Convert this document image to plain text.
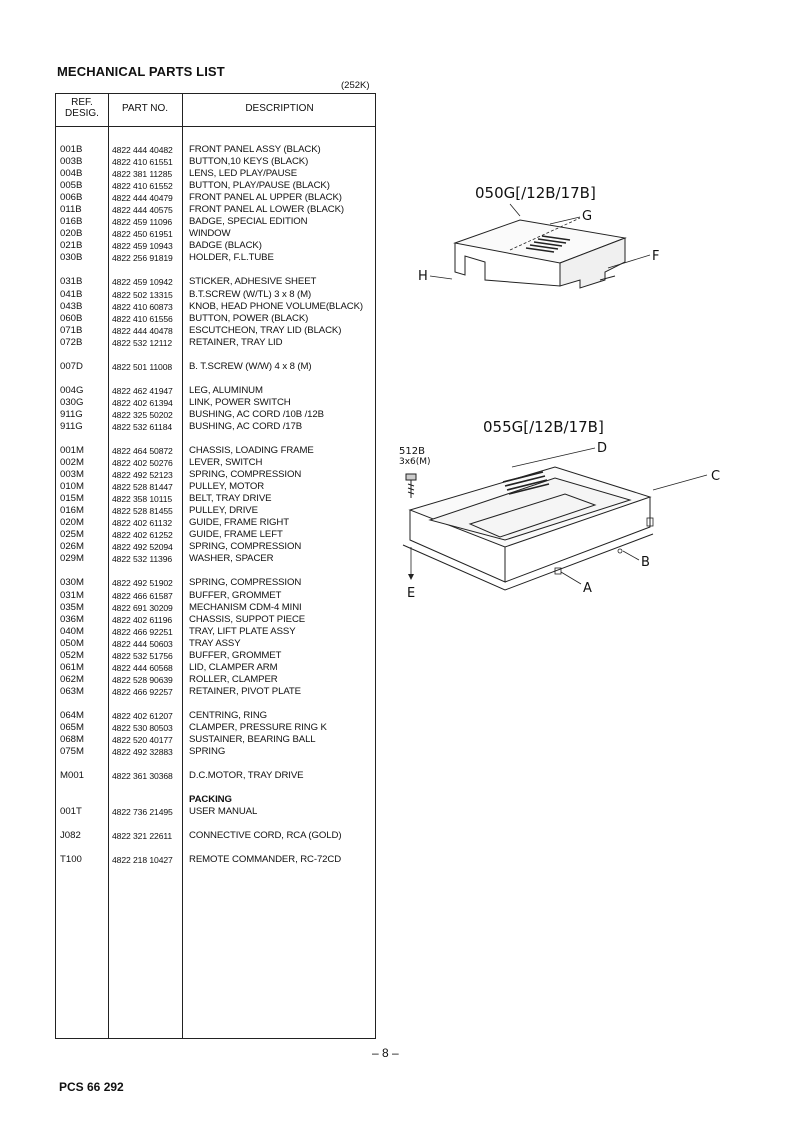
MECHANICAL PARTS LIST
(252K)
REF. DESIG.	PART NO.	DESCRIPTION
001B	4822 444 40482	FRONT PANEL ASSY (BLACK)
003B	4822 410 61551	BUTTON,10 KEYS (BLACK)
004B	4822 381 11285	LENS, LED PLAY/PAUSE
005B	4822 410 61552	BUTTON, PLAY/PAUSE (BLACK)
006B	4822 444 40479	FRONT PANEL AL UPPER (BLACK)
011B	4822 444 40575	FRONT PANEL AL LOWER (BLACK)
016B	4822 459 11096	BADGE, SPECIAL EDITION
020B	4822 450 61951	WINDOW
021B	4822 459 10943	BADGE (BLACK)
030B	4822 256 91819	HOLDER, F.L.TUBE
031B	4822 459 10942	STICKER, ADHESIVE SHEET
041B	4822 502 13315	B.T.SCREW (W/TL) 3 x 8 (M)
043B	4822 410 60873	KNOB, HEAD PHONE VOLUME(BLACK)
060B	4822 410 61556	BUTTON, POWER (BLACK)
071B	4822 444 40478	ESCUTCHEON, TRAY LID (BLACK)
072B	4822 532 12112	RETAINER, TRAY LID
007D	4822 501 11008	B. T.SCREW (W/W) 4 x 8 (M)
004G	4822 462 41947	LEG, ALUMINUM
030G	4822 402 61394	LINK, POWER SWITCH
911G	4822 325 50202	BUSHING, AC CORD /10B /12B
911G	4822 532 61184	BUSHING, AC CORD /17B
001M	4822 464 50872	CHASSIS, LOADING FRAME
002M	4822 402 50276	LEVER, SWITCH
003M	4822 492 52123	SPRING, COMPRESSION
010M	4822 528 81447	PULLEY, MOTOR
015M	4822 358 10115	BELT, TRAY DRIVE
016M	4822 528 81455	PULLEY, DRIVE
020M	4822 402 61132	GUIDE, FRAME RIGHT
025M	4822 402 61252	GUIDE, FRAME LEFT
026M	4822 492 52094	SPRING, COMPRESSION
029M	4822 532 11396	WASHER, SPACER
030M	4822 492 51902	SPRING, COMPRESSION
031M	4822 466 61587	BUFFER, GROMMET
035M	4822 691 30209	MECHANISM CDM-4 MINI
036M	4822 402 61196	CHASSIS, SUPPOT PIECE
040M	4822 466 92251	TRAY, LIFT PLATE ASSY
050M	4822 444 50603	TRAY ASSY
052M	4822 532 51756	BUFFER, GROMMET
061M	4822 444 60568	LID, CLAMPER ARM
062M	4822 528 90639	ROLLER, CLAMPER
063M	4822 466 92257	RETAINER, PIVOT PLATE
064M	4822 402 61207	CENTRING, RING
065M	4822 530 80503	CLAMPER, PRESSURE RING K
068M	4822 520 40177	SUSTAINER, BEARING BALL
075M	4822 492 32883	SPRING
M001	4822 361 30368	D.C.MOTOR, TRAY DRIVE
PACKING
001T	4822 736 21495	USER MANUAL
J082	4822 321 22611	CONNECTIVE CORD, RCA (GOLD)
T100	4822 218 10427	REMOTE COMMANDER, RC-72CD
050G[/12B/17B]
G
F
H
055G[/12B/17B]
512B
3x6(M)
D
C
B
A
E
– 8 –
PCS 66 292
